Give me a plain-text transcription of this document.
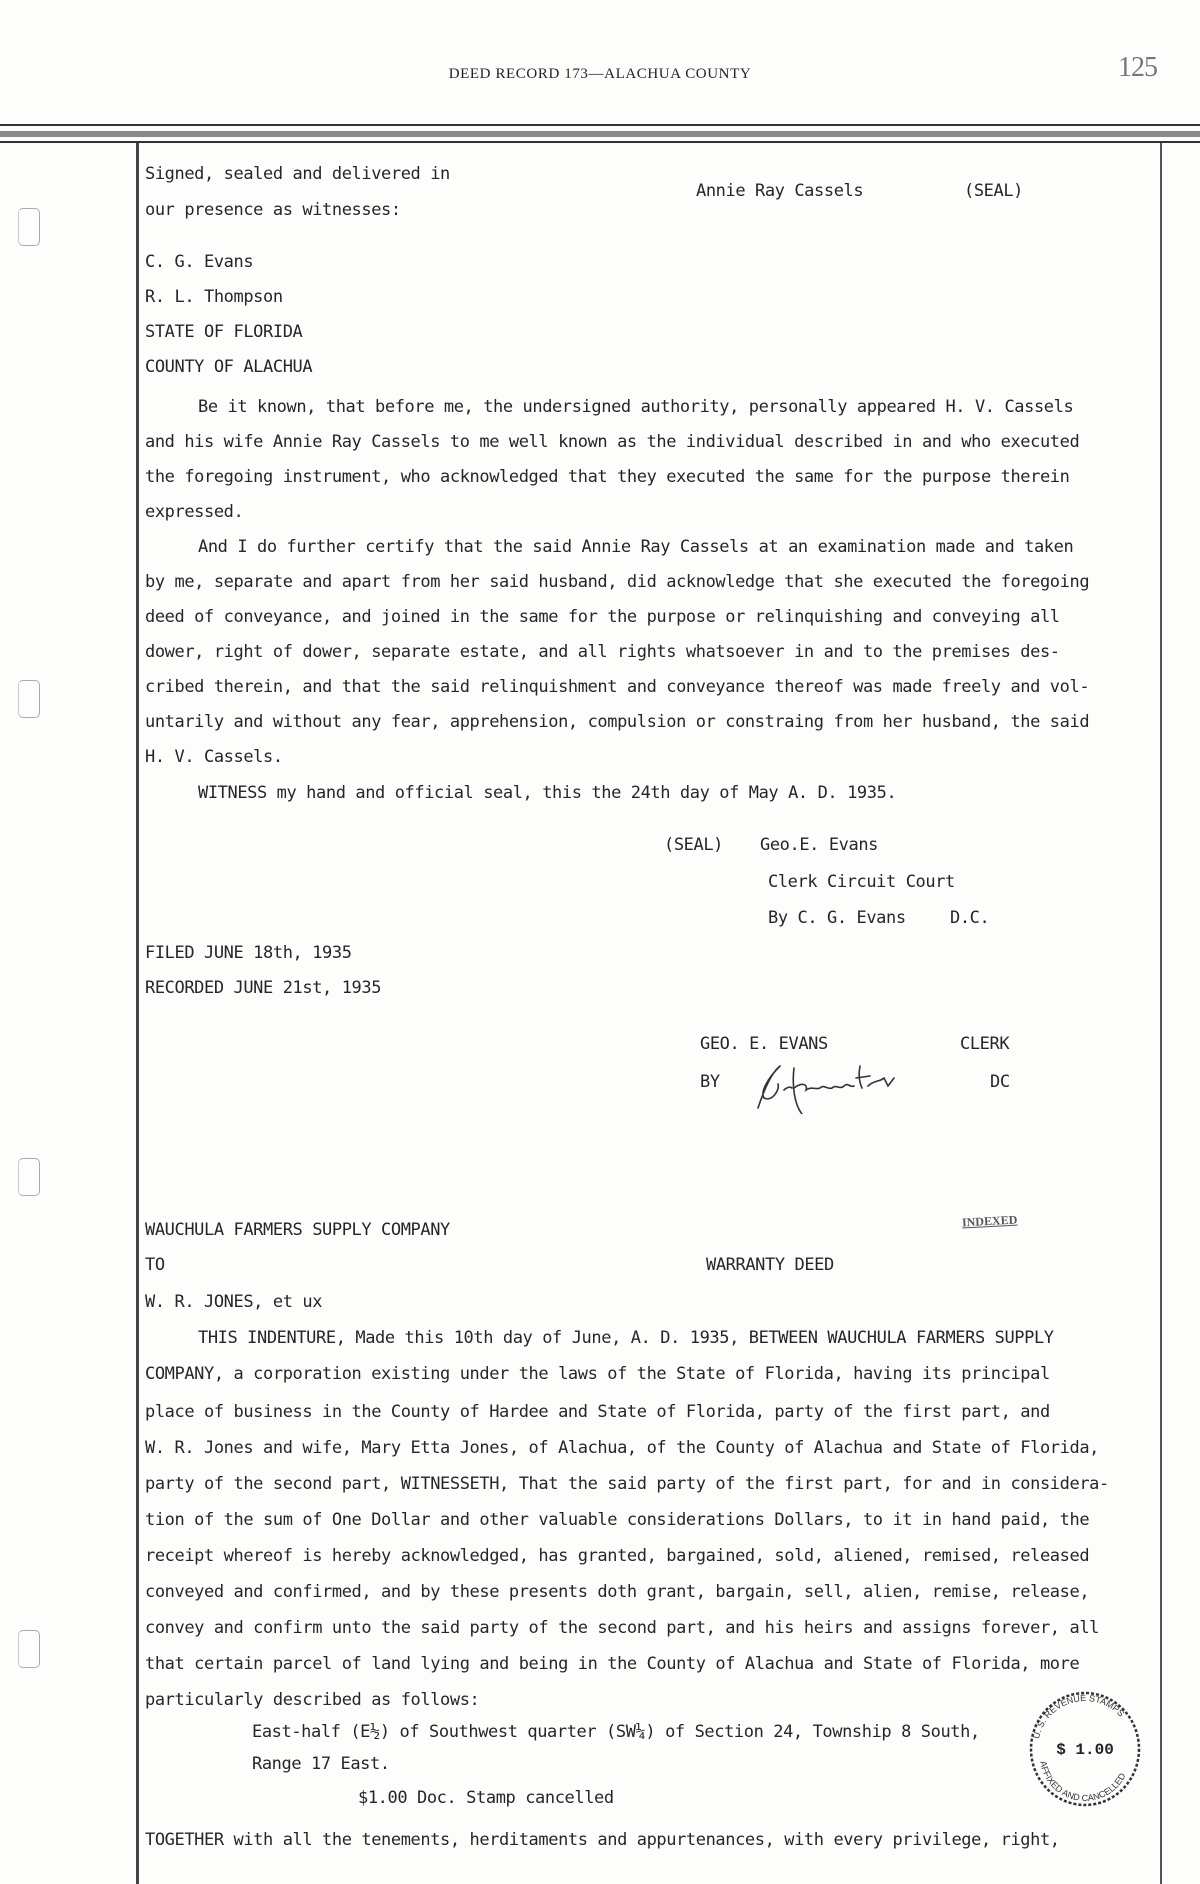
DEED RECORD 173—ALACHUA COUNTY	125
Signed, sealed and delivered in
our presence as witnesses:
Annie Ray Cassels	(SEAL)
C. G. Evans
R. L. Thompson
STATE OF FLORIDA
COUNTY OF ALACHUA
Be it known, that before me, the undersigned authority, personally appeared H. V. Cassels
and his wife Annie Ray Cassels to me well known as the individual described in and who executed
the foregoing instrument, who acknowledged that they executed the same for the purpose therein
expressed.
And I do further certify that the said Annie Ray Cassels at an examination made and taken
by me, separate and apart from her said husband, did acknowledge that she executed the foregoing
deed of conveyance, and joined in the same for the purpose or relinquishing and conveying all
dower, right of dower, separate estate, and all rights whatsoever in and to the premises des-
cribed therein, and that the said relinquishment and conveyance thereof was made freely and vol-
untarily and without any fear, apprehension, compulsion or constraing from her husband, the said
H. V. Cassels.
WITNESS my hand and official seal, this the 24th day of May A. D. 1935.
(SEAL) Geo.E. Evans
Clerk Circuit Court
By C. G. Evans	D.C.
FILED JUNE 18th, 1935
RECORDED JUNE 21st, 1935
GEO. E. EVANS	CLERK
BY	DC
WAUCHULA FARMERS SUPPLY COMPANY	INDEXED
TO	WARRANTY DEED
W. R. JONES, et ux
THIS INDENTURE, Made this 10th day of June, A. D. 1935, BETWEEN WAUCHULA FARMERS SUPPLY
COMPANY, a corporation existing under the laws of the State of Florida, having its principal
place of business in the County of Hardee and State of Florida, party of the first part, and
W. R. Jones and wife, Mary Etta Jones, of Alachua, of the County of Alachua and State of Florida,
party of the second part, WITNESSETH, That the said party of the first part, for and in considera-
tion of the sum of One Dollar and other valuable considerations Dollars, to it in hand paid, the
receipt whereof is hereby acknowledged, has granted, bargained, sold, aliened, remised, released
conveyed and confirmed, and by these presents doth grant, bargain, sell, alien, remise, release,
convey and confirm unto the said party of the second part, and his heirs and assigns forever, all
that certain parcel of land lying and being in the County of Alachua and State of Florida, more
particularly described as follows:
East-half (E½) of Southwest quarter (SW¼) of Section 24, Township 8 South,
Range 17 East.
$1.00 Doc. Stamp cancelled
TOGETHER with all the tenements, herditaments and appurtenances, with every privilege, right,
U. S. REVENUE STAMPS
AFFIXED AND CANCELLED
$ 1.00
